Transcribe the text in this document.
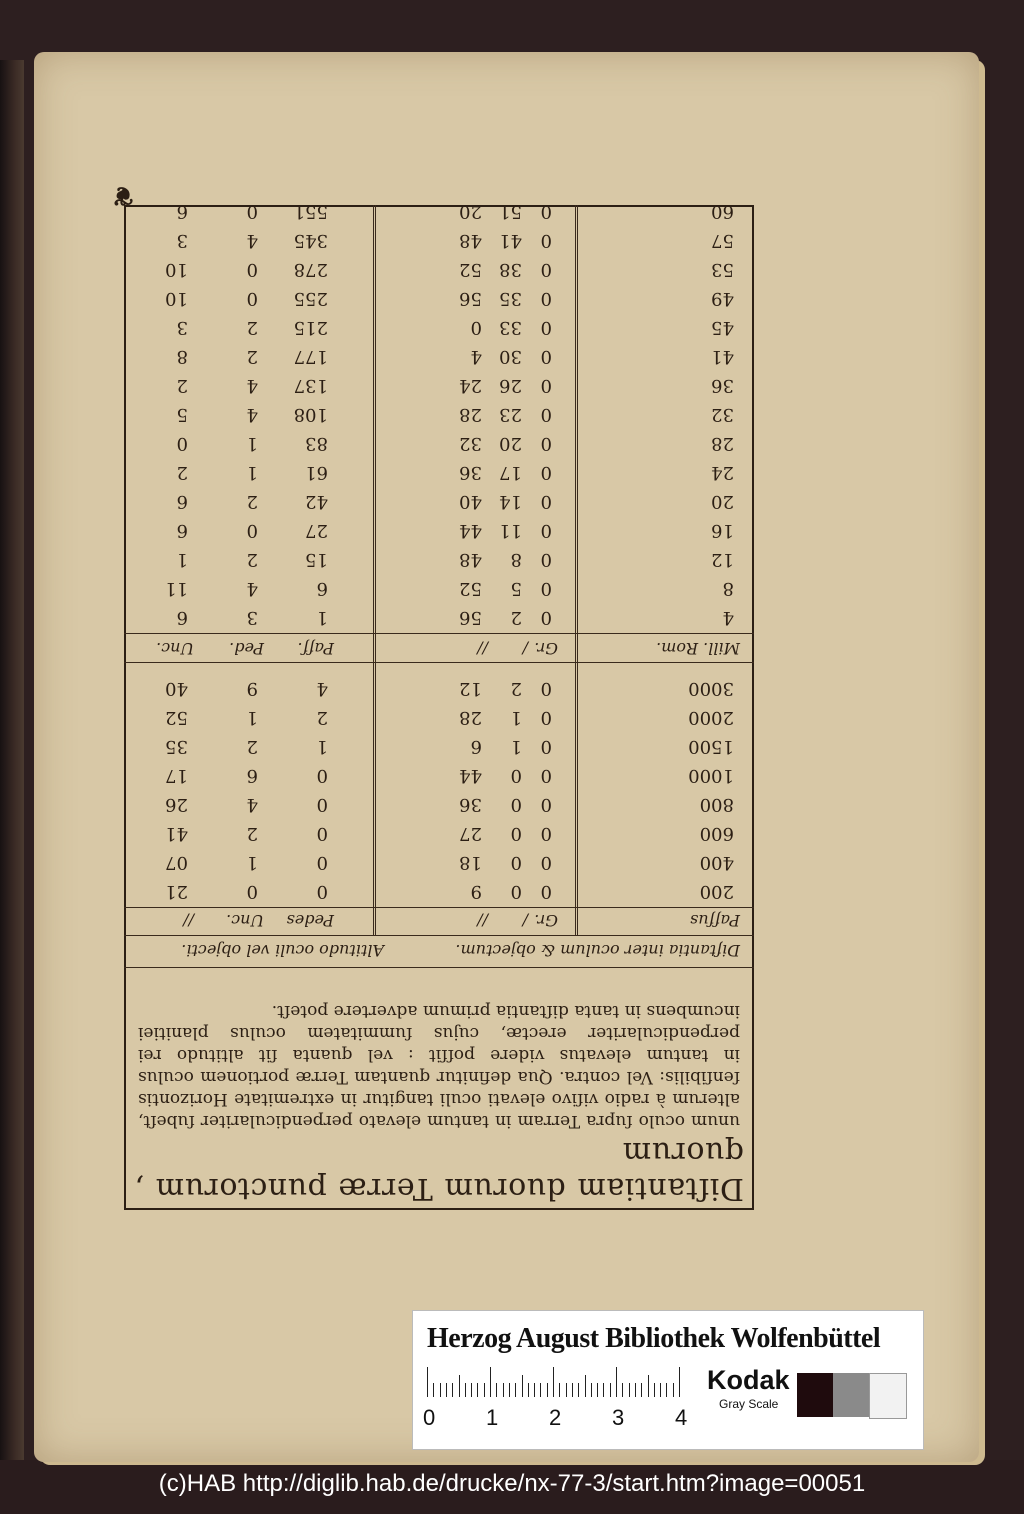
❦
Diſtantiam duorum Terræ punctorum , quorum
unum oculo ſupra Terram in tantum elevato perpendiculariter ſubeſt, alterum à radio viſivo elevati oculi tangitur in extremitate Horizontis ſenſibilis: Vel contra. Qua definitur quantam Terræ portionem oculus in tantum elevatus videre poſſit : vel quanta ſit altitudo rei perpendiculariter erectæ, cujus ſummitatem oculus planitiei incumbens in tanta diſtantia primum advertere poteſt.
Diſtantia inter oculum & objectum.
Altitudo oculi vel objecti.
Paſſus
Gr.
/
//
Pedes
Unc.
//
200
0
0
9
0
0
21
400
0
0
18
0
1
07
600
0
0
27
0
2
41
800
0
0
36
0
4
26
1000
0
0
44
0
6
17
1500
0
1
6
1
2
35
2000
0
1
28
2
1
52
3000
0
2
12
4
9
40
Mill. Rom.
Gr.
/
//
Paſſ.
Ped.
Unc.
4
0
2
56
1
3
6
8
0
5
52
6
4
11
12
0
8
48
15
2
1
16
0
11
44
27
0
6
20
0
14
40
42
2
6
24
0
17
36
61
1
2
28
0
20
32
83
1
0
32
0
23
28
108
4
5
36
0
26
24
137
4
2
41
0
30
4
177
2
8
45
0
33
0
215
2
3
49
0
35
56
255
0
10
53
0
38
52
278
0
10
57
0
41
48
345
4
3
60
0
51
20
551
0
6
Herzog August Bibliothek Wolfenbüttel
0 1 2 3 4
Kodak
Gray Scale
(c)HAB http://diglib.hab.de/drucke/nx-77-3/start.htm?image=00051
